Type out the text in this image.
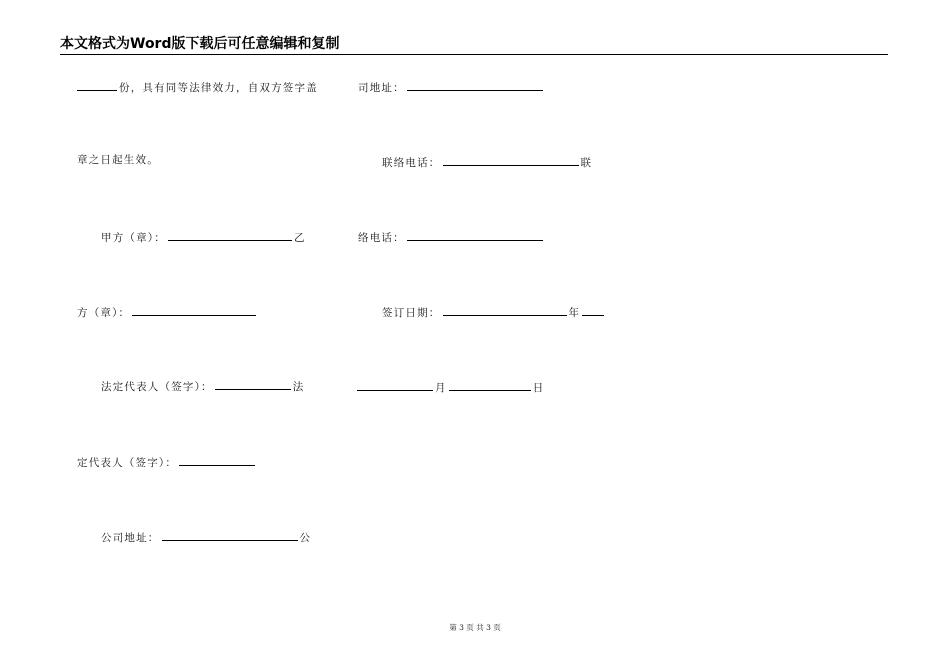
本文格式为Word版下载后可任意编辑和复制
份，具有同等法律效力，自双方签字盖
章之日起生效。
甲方（章）：	乙
方（章）：
法定代表人（签字）：	法
定代表人（签字）：
公司地址：	公
司地址：
联络电话：	联
络电话：
签订日期：	年
月	日
第 3 页 共 3 页
